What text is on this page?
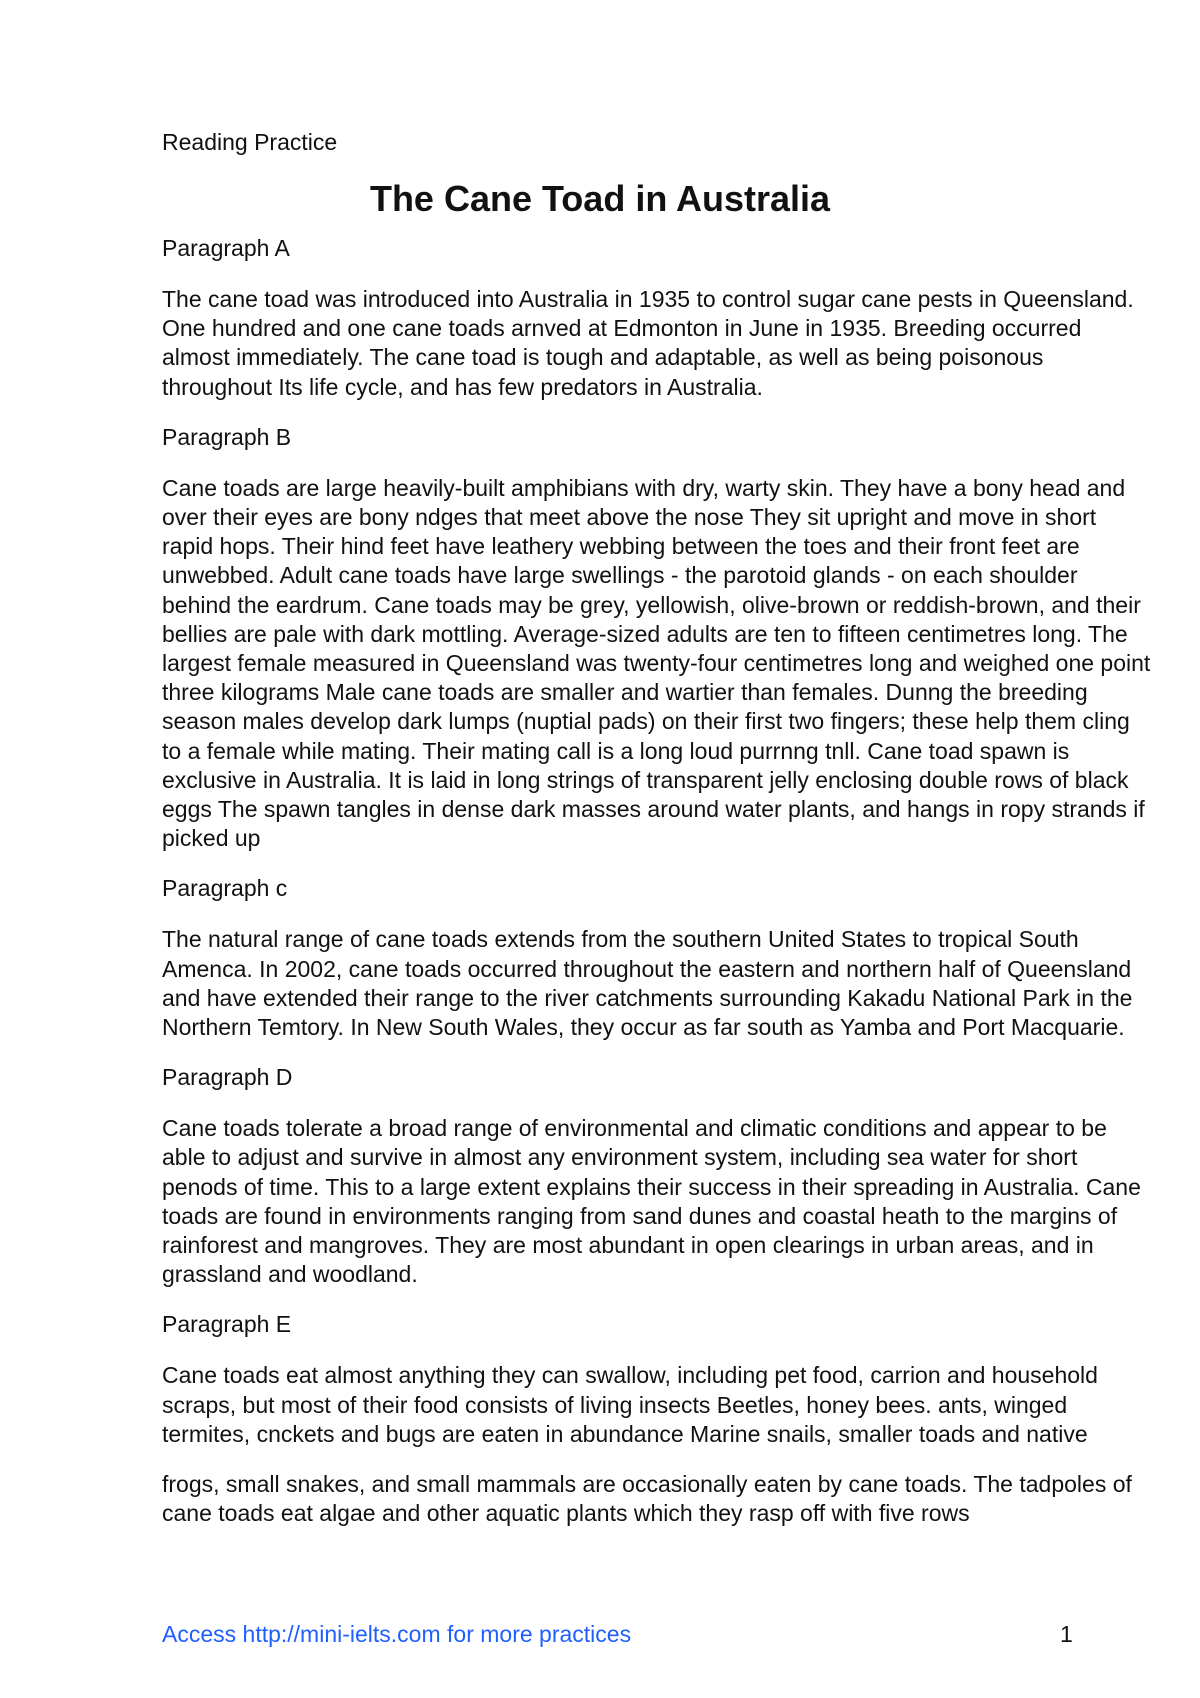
Reading Practice
The Cane Toad in Australia
Paragraph A
The cane toad was introduced into Australia in 1935 to control sugar cane pests in Queensland. One hundred and one cane toads arnved at Edmonton in June in 1935. Breeding occurred almost immediately. The cane toad is tough and adaptable, as well as being poisonous throughout Its life cycle, and has few predators in Australia.
Paragraph B
Cane toads are large heavily-built amphibians with dry, warty skin. They have a bony head and over their eyes are bony ndges that meet above the nose They sit upright and move in short rapid hops. Their hind feet have leathery webbing between the toes and their front feet are unwebbed. Adult cane toads have large swellings - the parotoid glands - on each shoulder behind the eardrum. Cane toads may be grey, yellowish, olive-brown or reddish-brown, and their bellies are pale with dark mottling. Average-sized adults are ten to fifteen centimetres long. The largest female measured in Queensland was twenty-four centimetres long and weighed one point three kilograms Male cane toads are smaller and wartier than females. Dunng the breeding season males develop dark lumps (nuptial pads) on their first two fingers; these help them cling to a female while mating. Their mating call is a long loud purrnng tnll. Cane toad spawn is exclusive in Australia. It is laid in long strings of transparent jelly enclosing double rows of black eggs The spawn tangles in dense dark masses around water plants, and hangs in ropy strands if picked up
Paragraph c
The natural range of cane toads extends from the southern United States to tropical South Amenca. In 2002, cane toads occurred throughout the eastern and northern half of Queensland and have extended their range to the river catchments surrounding Kakadu National Park in the Northern Temtory. In New South Wales, they occur as far south as Yamba and Port Macquarie.
Paragraph D
Cane toads tolerate a broad range of environmental and climatic conditions and appear to be able to adjust and survive in almost any environment system, including sea water for short penods of time. This to a large extent explains their success in their spreading in Australia. Cane toads are found in environments ranging from sand dunes and coastal heath to the margins of rainforest and mangroves. They are most abundant in open clearings in urban areas, and in grassland and woodland.
Paragraph E
Cane toads eat almost anything they can swallow, including pet food, carrion and household scraps, but most of their food consists of living insects Beetles, honey bees. ants, winged termites, cnckets and bugs are eaten in abundance Marine snails, smaller toads and native
frogs, small snakes, and small mammals are occasionally eaten by cane toads. The tadpoles of cane toads eat algae and other aquatic plants which they rasp off with five rows
Access http://mini-ielts.com for more practices	1
